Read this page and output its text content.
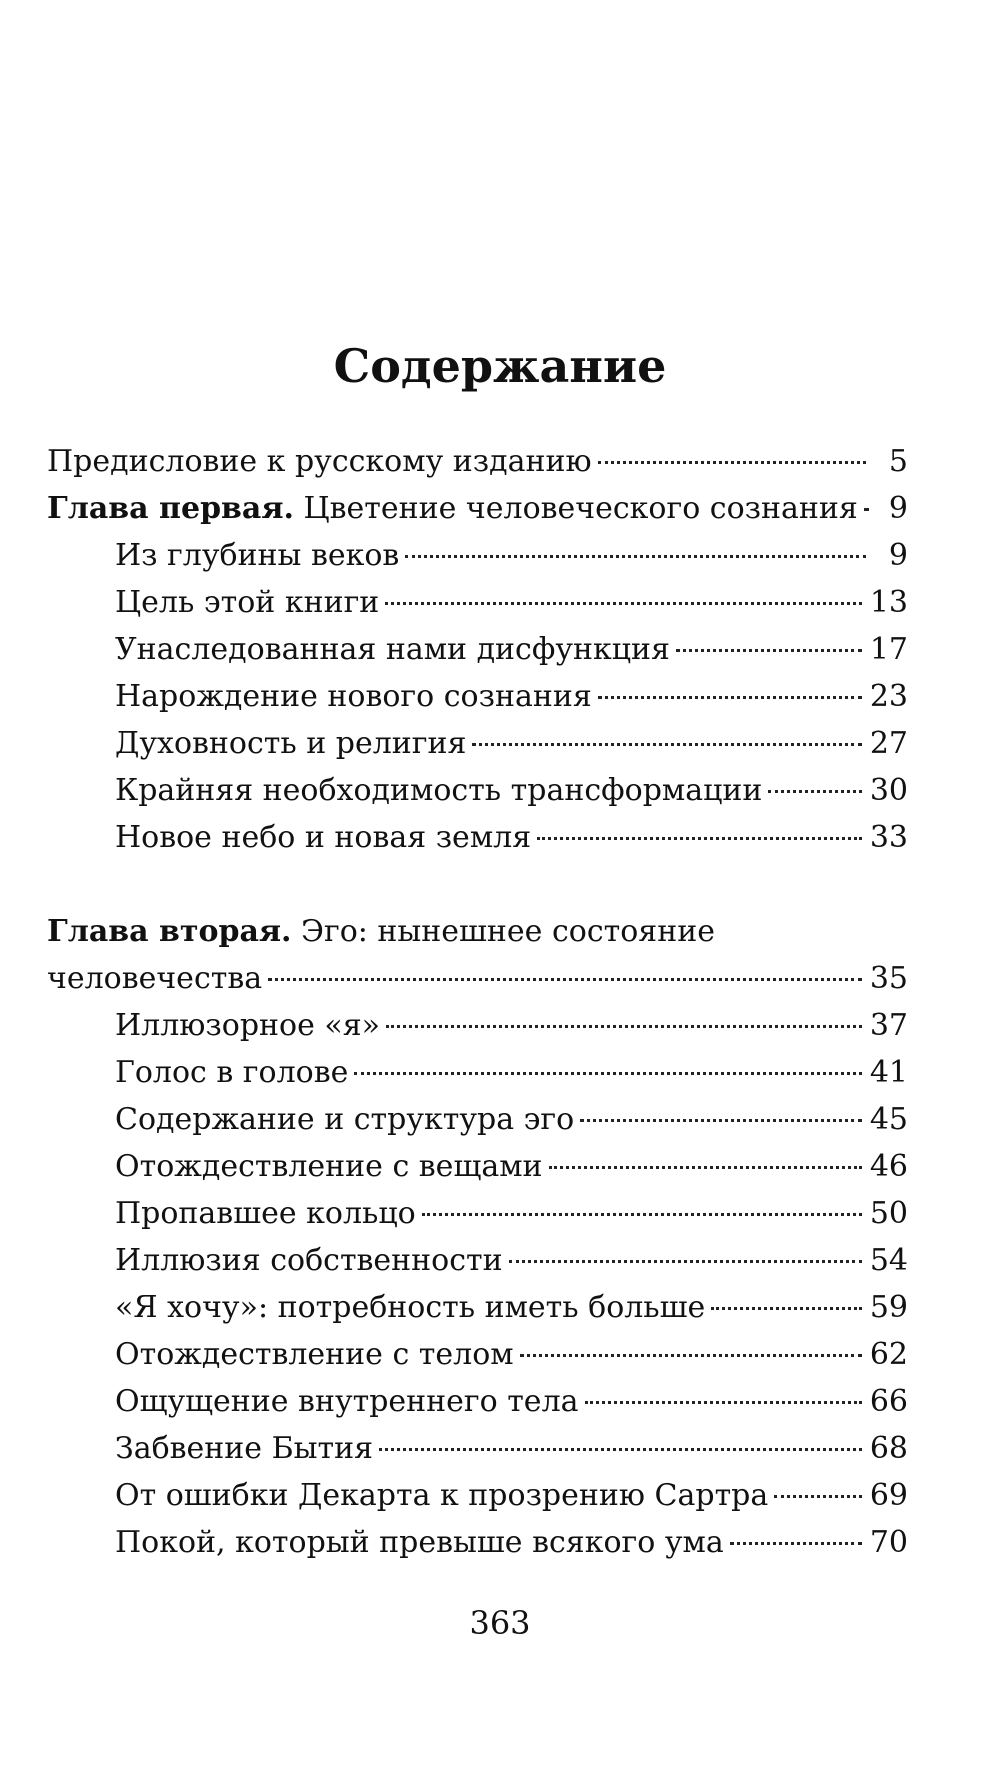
Содержание
Предисловие к русскому изданию	5
Глава первая. Цветение человеческого сознания	9
Из глубины веков	9
Цель этой книги	13
Унаследованная нами дисфункция	17
Нарождение нового сознания	23
Духовность и религия	27
Крайняя необходимость трансформации	30
Новое небо и новая земля	33
Глава вторая. Эго: нынешнее состояние
человечества	35
Иллюзорное «я»	37
Голос в голове	41
Содержание и структура эго	45
Отождествление с вещами	46
Пропавшее кольцо	50
Иллюзия собственности	54
«Я хочу»: потребность иметь больше	59
Отождествление с телом	62
Ощущение внутреннего тела	66
Забвение Бытия	68
От ошибки Декарта к прозрению Сартра	69
Покой, который превыше всякого ума	70
363
